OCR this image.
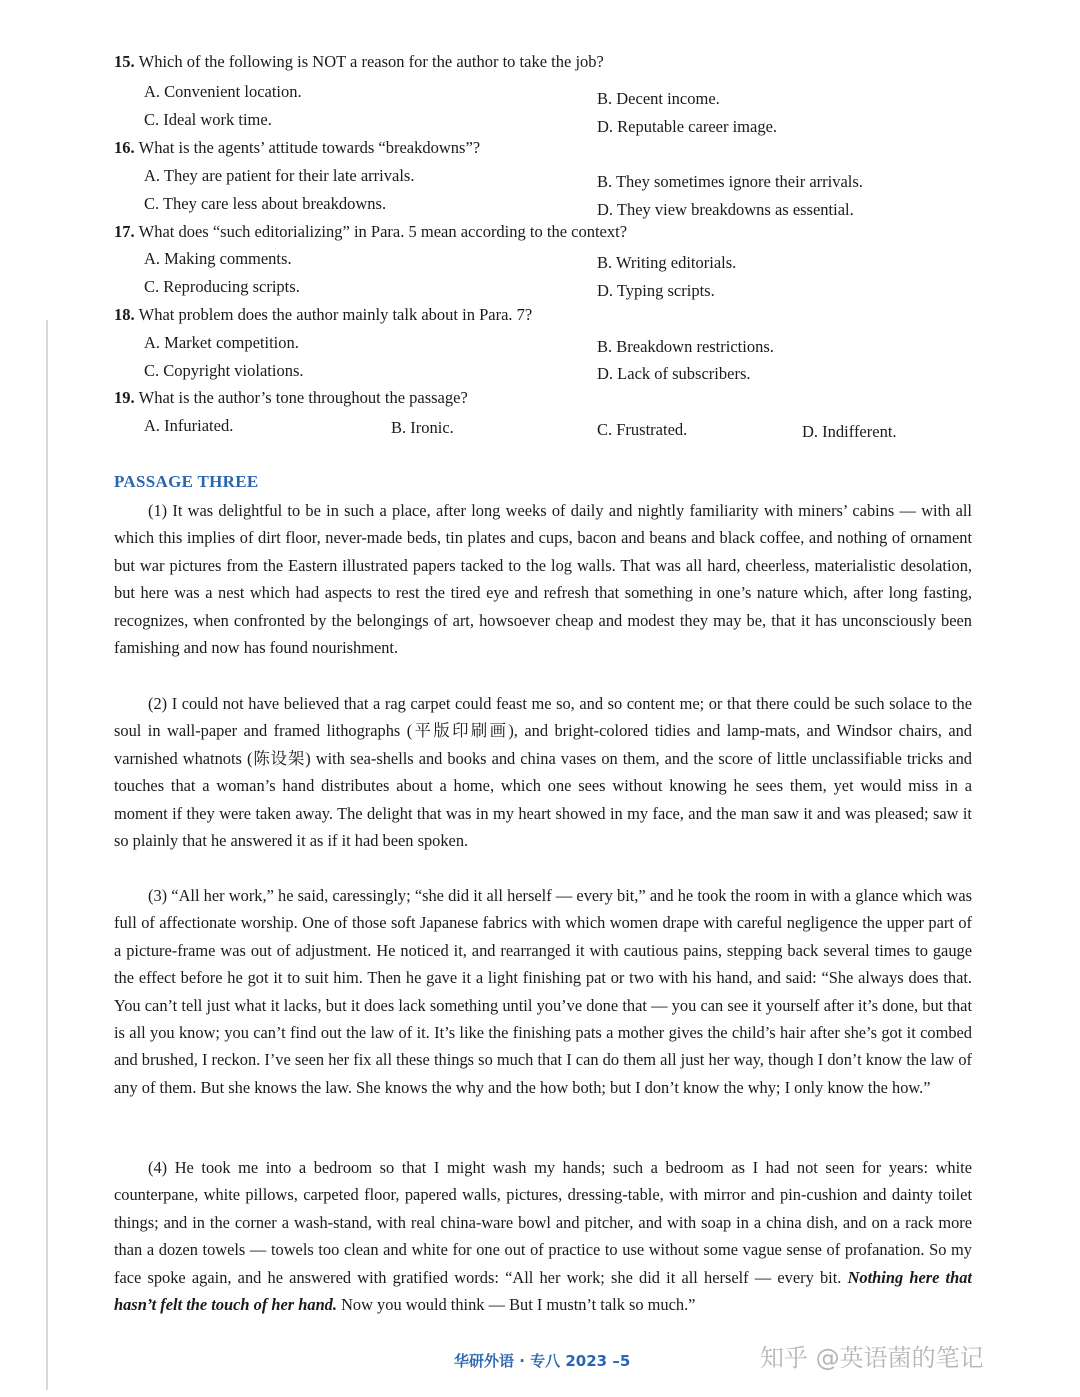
15. Which of the following is NOT a reason for the author to take the job?
A. Convenient location.	B. Decent income.
C. Ideal work time.	D. Reputable career image.
16. What is the agents’ attitude towards “breakdowns”?
A. They are patient for their late arrivals.	B. They sometimes ignore their arrivals.
C. They care less about breakdowns.	D. They view breakdowns as essential.
17. What does “such editorializing” in Para. 5 mean according to the context?
A. Making comments.	B. Writing editorials.
C. Reproducing scripts.	D. Typing scripts.
18. What problem does the author mainly talk about in Para. 7?
A. Market competition.	B. Breakdown restrictions.
C. Copyright violations.	D. Lack of subscribers.
19. What is the author’s tone throughout the passage?
A. Infuriated.	B. Ironic.	C. Frustrated.	D. Indifferent.
PASSAGE THREE

(1) It was delightful to be in such a place, after long weeks of daily and nightly familiarity with miners’ cabins — with all which this implies of dirt floor, never-made beds, tin plates and cups, bacon and beans and black coffee, and nothing of ornament but war pictures from the Eastern illustrated papers tacked to the log walls. That was all hard, cheerless, materialistic desolation, but here was a nest which had aspects to rest the tired eye and refresh that something in one’s nature which, after long fasting, recognizes, when confronted by the belongings of art, howsoever cheap and modest they may be, that it has unconsciously been famishing and now has found nourishment.

(2) I could not have believed that a rag carpet could feast me so, and so content me; or that there could be such solace to the soul in wall-paper and framed lithographs (平版印刷画), and bright-colored tidies and lamp-mats, and Windsor chairs, and varnished whatnots (陈设架) with sea-shells and books and china vases on them, and the score of little unclassifiable tricks and touches that a woman’s hand distributes about a home, which one sees without knowing he sees them, yet would miss in a moment if they were taken away. The delight that was in my heart showed in my face, and the man saw it and was pleased; saw it so plainly that he answered it as if it had been spoken.

(3) “All her work,” he said, caressingly; “she did it all herself — every bit,” and he took the room in with a glance which was full of affectionate worship. One of those soft Japanese fabrics with which women drape with careful negligence the upper part of a picture-frame was out of adjustment. He noticed it, and rearranged it with cautious pains, stepping back several times to gauge the effect before he got it to suit him. Then he gave it a light finishing pat or two with his hand, and said: “She always does that. You can’t tell just what it lacks, but it does lack something until you’ve done that — you can see it yourself after it’s done, but that is all you know; you can’t find out the law of it. It’s like the finishing pats a mother gives the child’s hair after she’s got it combed and brushed, I reckon. I’ve seen her fix all these things so much that I can do them all just her way, though I don’t know the law of any of them. But she knows the law. She knows the why and the how both; but I don’t know the why; I only know the how.”

(4) He took me into a bedroom so that I might wash my hands; such a bedroom as I had not seen for years: white counterpane, white pillows, carpeted floor, papered walls, pictures, dressing-table, with mirror and pin-cushion and dainty toilet things; and in the corner a wash-stand, with real china-ware bowl and pitcher, and with soap in a china dish, and on a rack more than a dozen towels — towels too clean and white for one out of practice to use without some vague sense of profanation. So my face spoke again, and he answered with gratified words: “All her work; she did it all herself — every bit. Nothing here that hasn’t felt the touch of her hand. Now you would think — But I mustn’t talk so much.”

华研外语 · 专八 2023 –5	知乎 @英语菌的笔记
